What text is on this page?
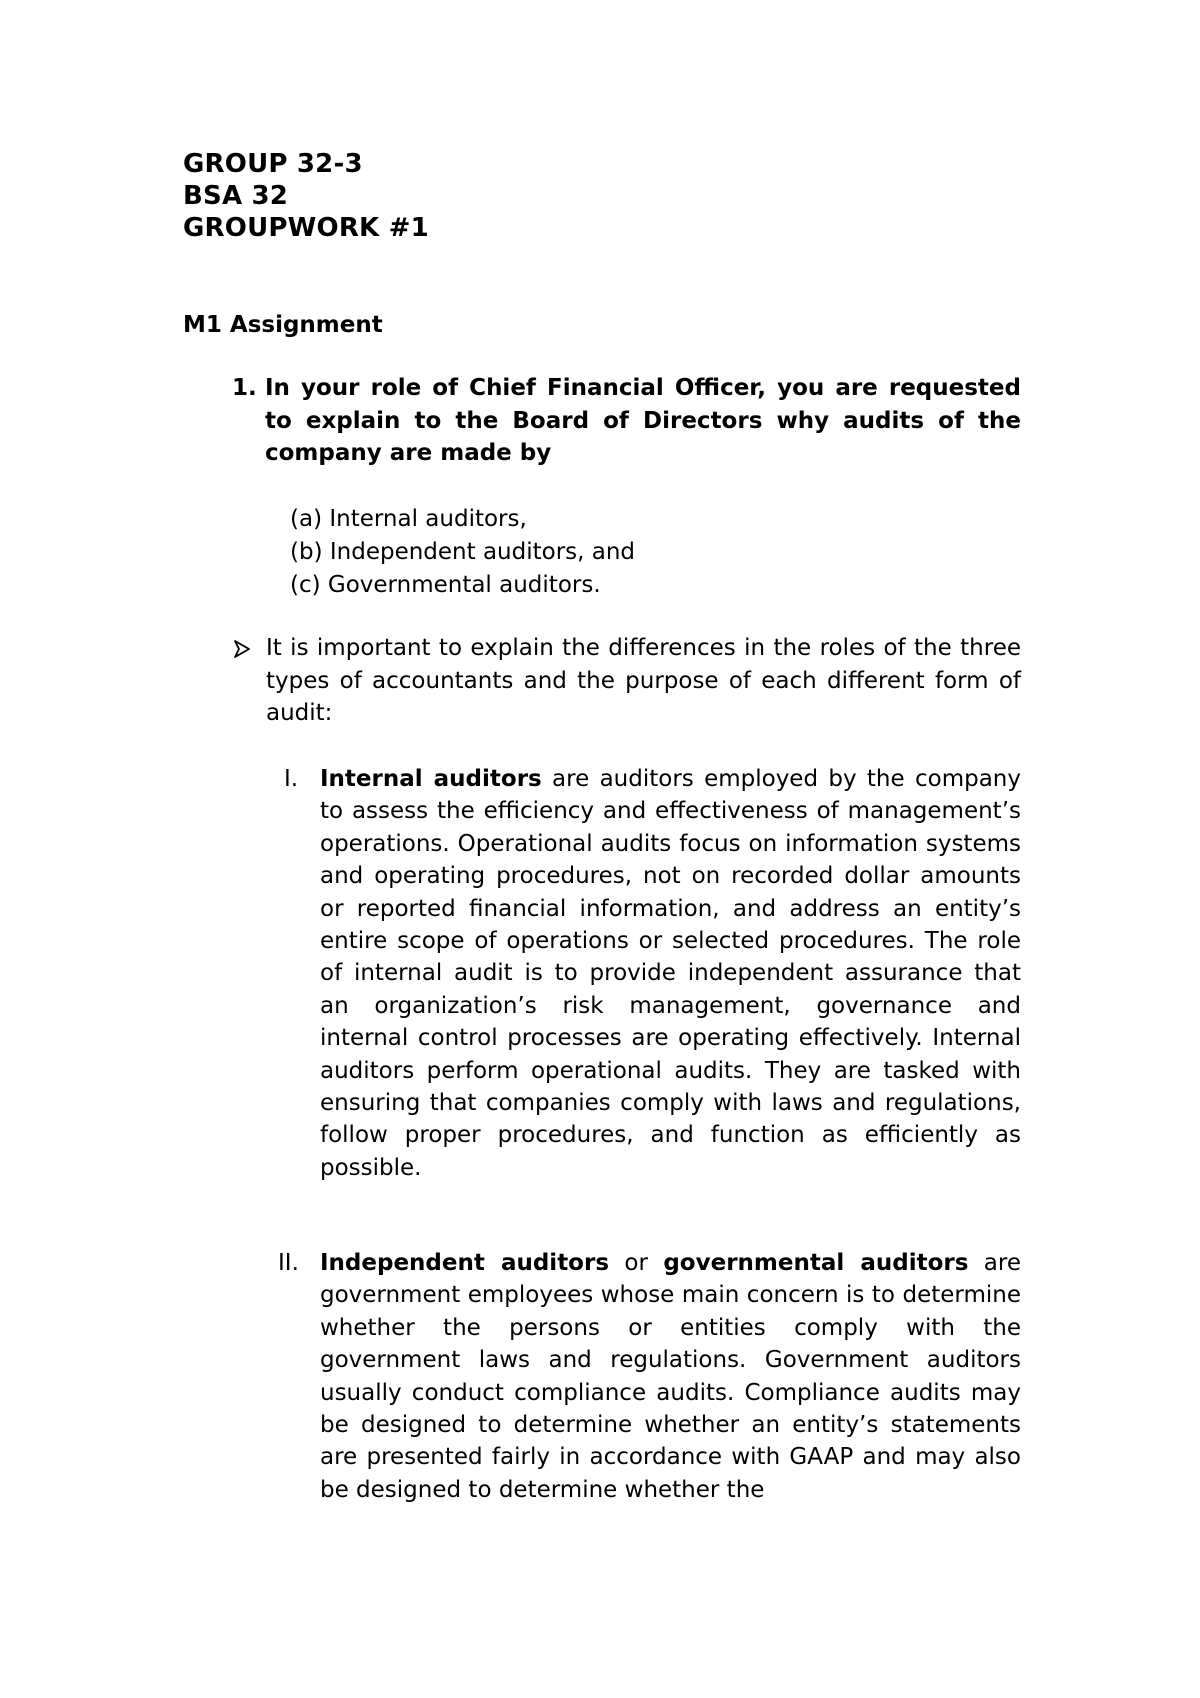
GROUP 32-3
BSA 32
GROUPWORK #1
M1 Assignment
1. In your role of Chief Financial Officer, you are requested to explain to the Board of Directors why audits of the company are made by
(a) Internal auditors,
(b) Independent auditors, and
(c) Governmental auditors.
It is important to explain the differences in the roles of the three types of accountants and the purpose of each different form of audit:
I. Internal auditors are auditors employed by the company to assess the efficiency and effectiveness of management’s operations. Operational audits focus on information systems and operating procedures, not on recorded dollar amounts or reported financial information, and address an entity’s entire scope of operations or selected procedures. The role of internal audit is to provide independent assurance that an organization’s risk management, governance and internal control processes are operating effectively. Internal auditors perform operational audits. They are tasked with ensuring that companies comply with laws and regulations, follow proper procedures, and function as efficiently as possible.
II. Independent auditors or governmental auditors are government employees whose main concern is to determine whether the persons or entities comply with the government laws and regulations. Government auditors usually conduct compliance audits. Compliance audits may be designed to determine whether an entity’s statements are presented fairly in accordance with GAAP and may also be designed to determine whether the
